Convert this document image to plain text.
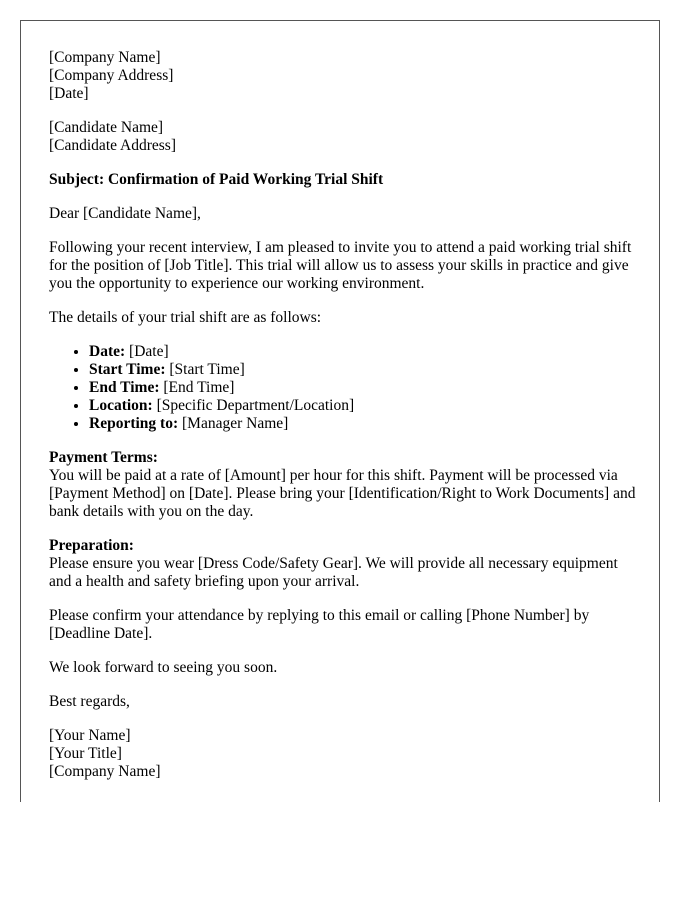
[Company Name]
[Company Address]
[Date]

[Candidate Name]
[Candidate Address]

Subject: Confirmation of Paid Working Trial Shift

Dear [Candidate Name],

Following your recent interview, I am pleased to invite you to attend a paid working trial shift for the position of [Job Title]. This trial will allow us to assess your skills in practice and give you the opportunity to experience our working environment.

The details of your trial shift are as follows:

• Date: [Date]
• Start Time: [Start Time]
• End Time: [End Time]
• Location: [Specific Department/Location]
• Reporting to: [Manager Name]

Payment Terms:
You will be paid at a rate of [Amount] per hour for this shift. Payment will be processed via [Payment Method] on [Date]. Please bring your [Identification/Right to Work Documents] and bank details with you on the day.

Preparation:
Please ensure you wear [Dress Code/Safety Gear]. We will provide all necessary equipment and a health and safety briefing upon your arrival.

Please confirm your attendance by replying to this email or calling [Phone Number] by [Deadline Date].

We look forward to seeing you soon.

Best regards,

[Your Name]
[Your Title]
[Company Name]
